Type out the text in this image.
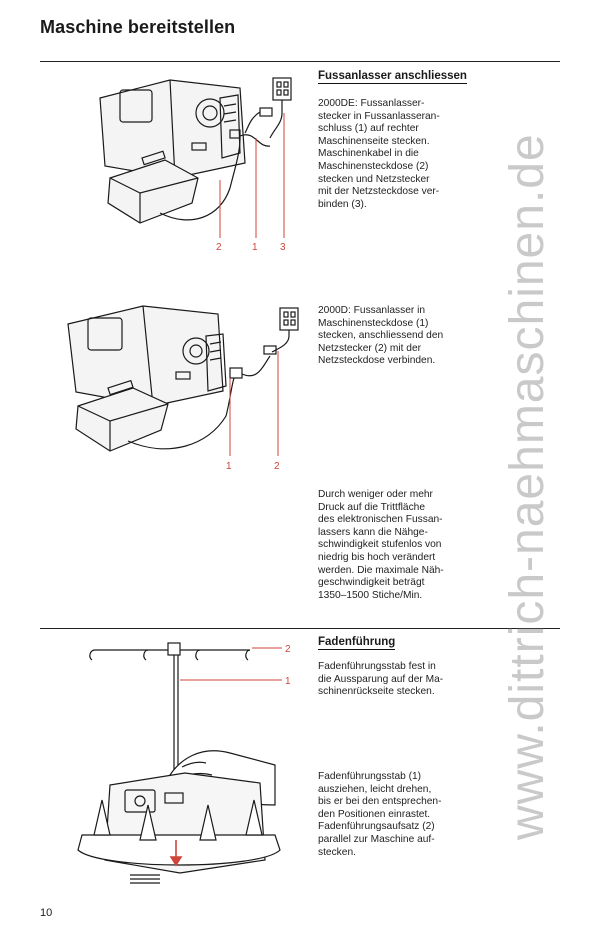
Maschine bereitstellen
Fussanlasser anschliessen
2000DE: Fussanlasser-
stecker in Fussanlasseran-
schluss (1) auf rechter
Maschinenseite stecken.
Maschinenkabel in die
Maschinensteckdose (2)
stecken und Netzstecker
mit der Netzsteckdose ver-
binden (3).
2000D: Fussanlasser in
Maschinensteckdose (1)
stecken, anschliessend den
Netzstecker (2) mit der
Netzsteckdose verbinden.
Durch weniger oder mehr
Druck auf die Trittfläche
des elektronischen Fussan-
lassers kann die Nähge-
schwindigkeit stufenlos von
niedrig bis hoch verändert
werden. Die maximale Näh-
geschwindigkeit beträgt
1350–1500 Stiche/Min.
2	1 3
1	2
Fadenführung
Fadenführungsstab fest in
die Aussparung auf der Ma-
schinenrückseite stecken.
Fadenführungsstab (1)
ausziehen, leicht drehen,
bis er bei den entsprechen-
den Positionen einrastet.
Fadenführungsaufsatz (2)
parallel zur Maschine auf-
stecken.
2
1	www.dittrich-naehmaschinen.de
10
